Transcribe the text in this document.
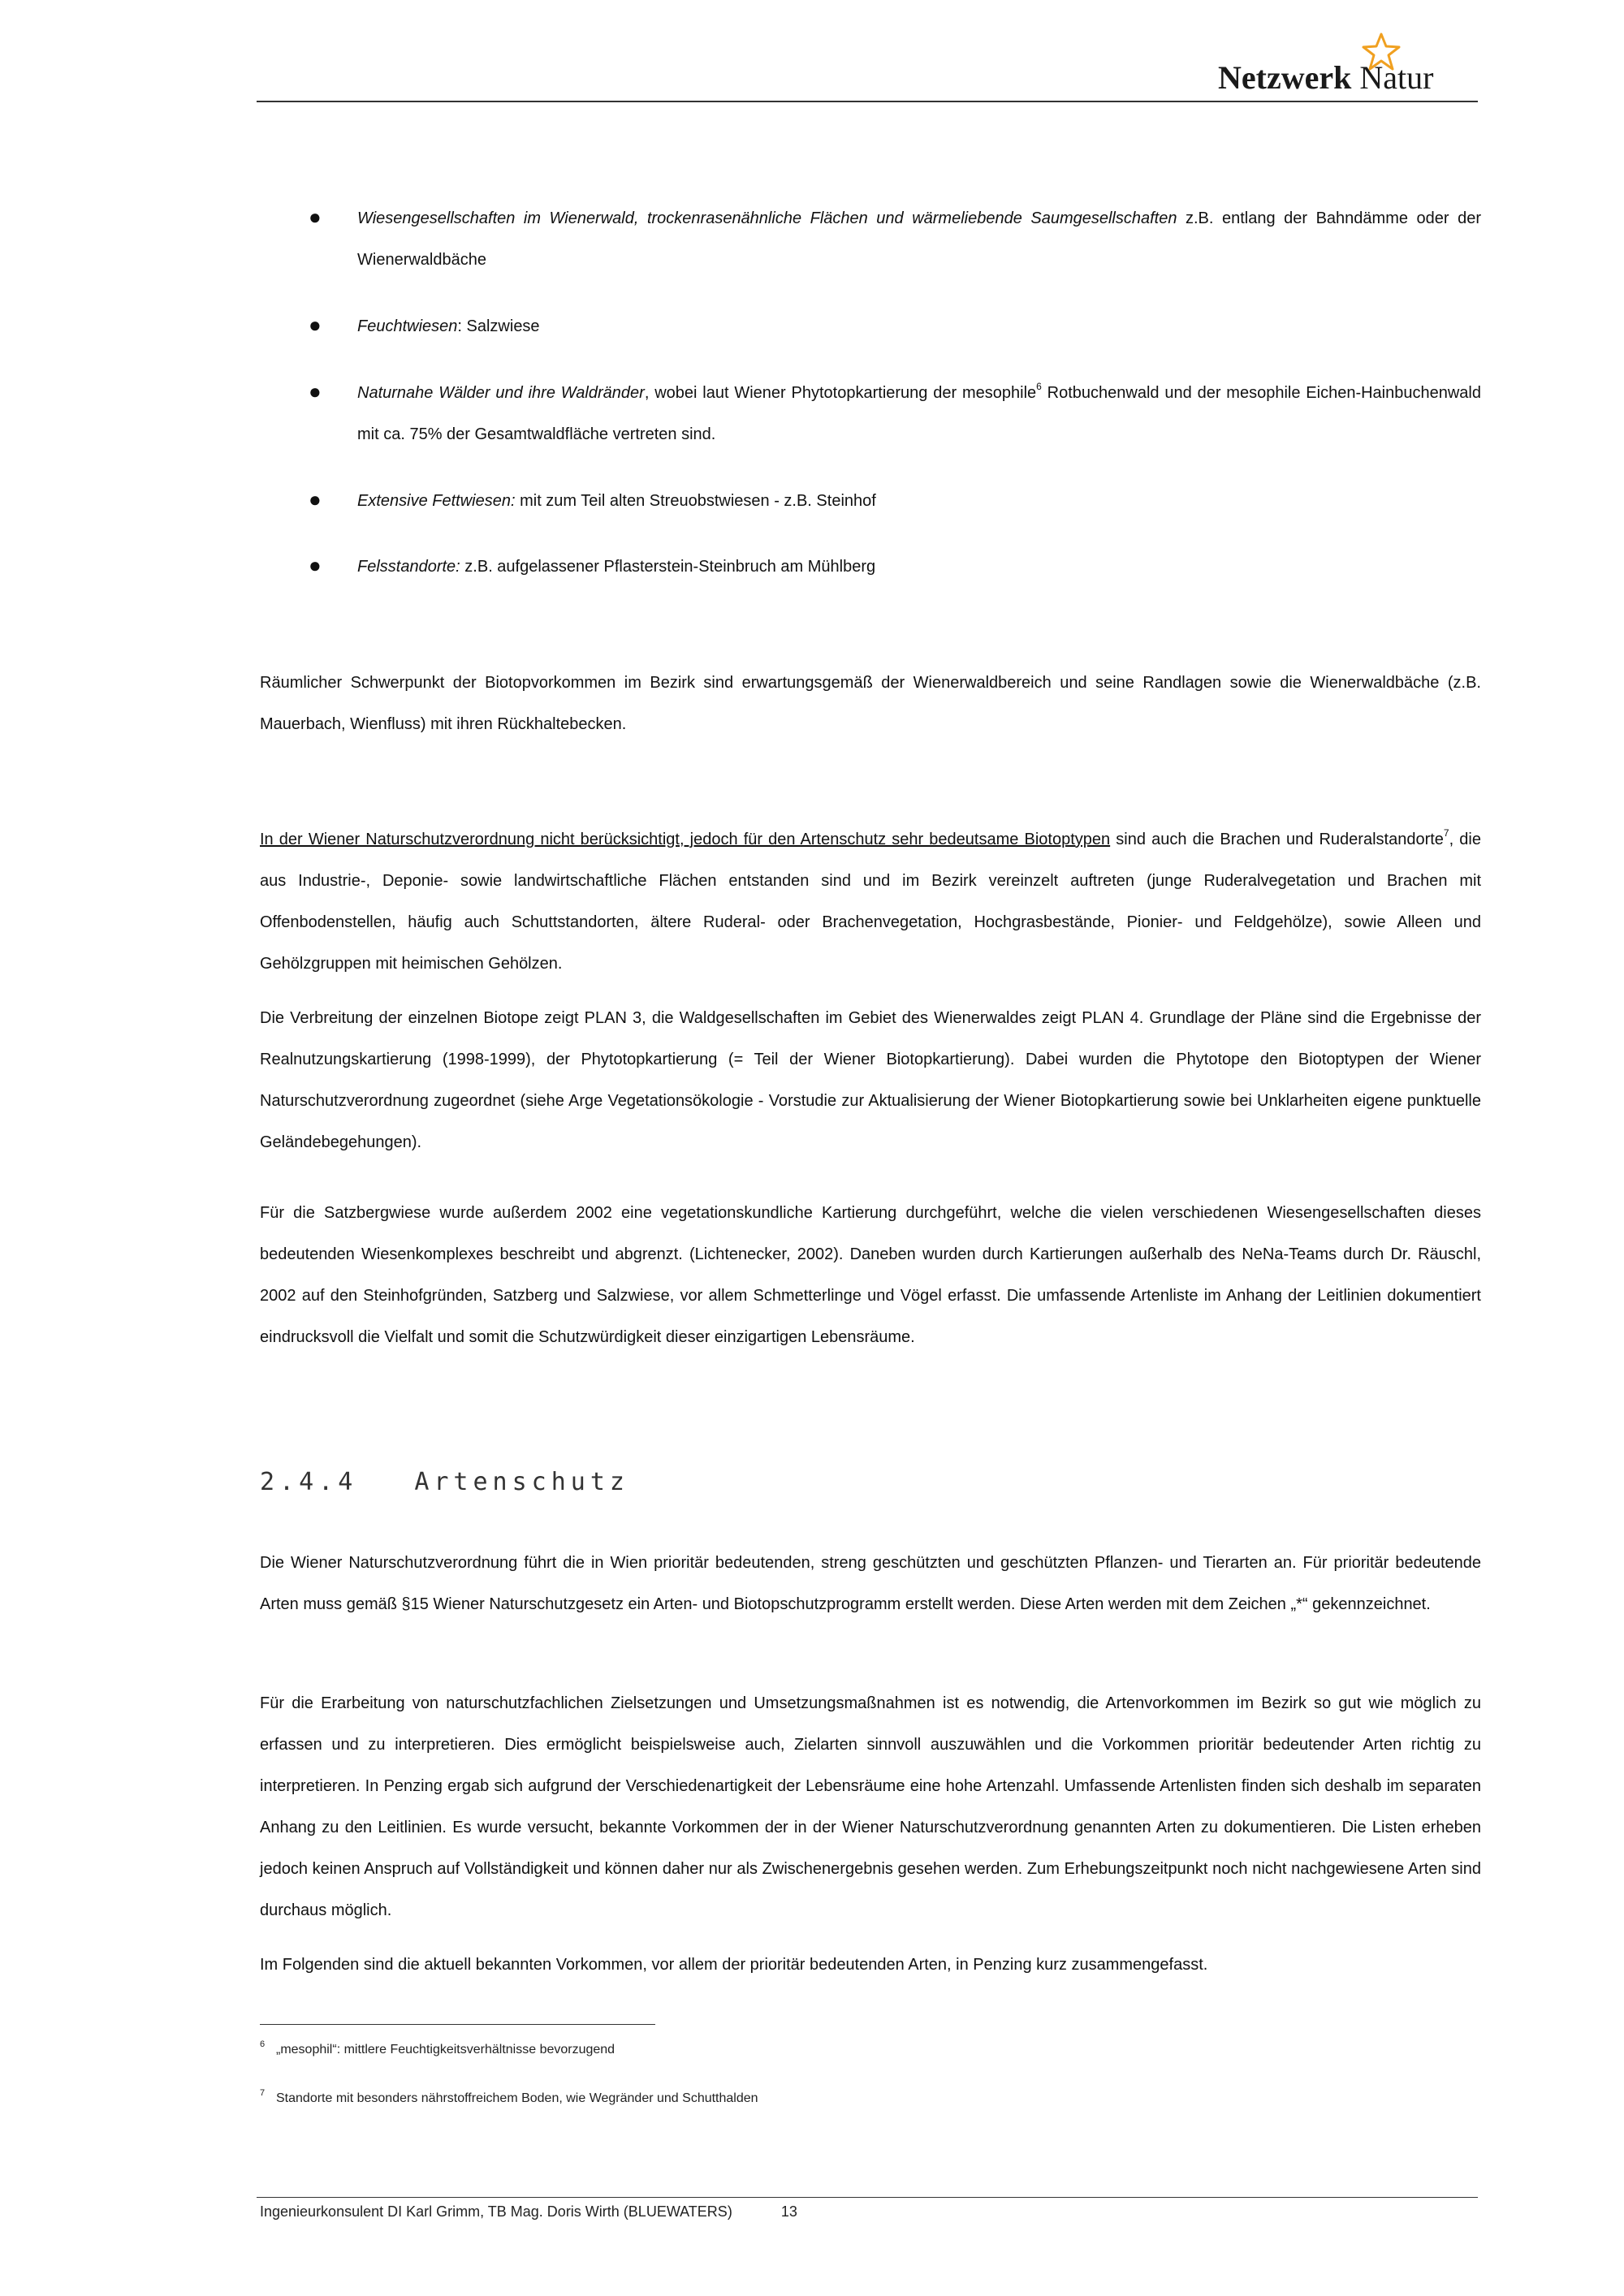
Netzwerk Natur
● Wiesengesellschaften im Wienerwald, trockenrasenähnliche Flächen und wärmeliebende Saumgesellschaften z.B. entlang der Bahndämme oder der Wienerwaldbäche
● Feuchtwiesen: Salzwiese
● Naturnahe Wälder und ihre Waldränder, wobei laut Wiener Phytotopkartierung der mesophile$^6$ Rotbuchenwald und der mesophile Eichen-Hainbuchenwald mit ca. 75% der Gesamtwaldfläche vertreten sind.
● Extensive Fettwiesen: mit zum Teil alten Streuobstwiesen - z.B. Steinhof
● Felsstandorte: z.B. aufgelassener Pflasterstein-Steinbruch am Mühlberg
Räumlicher Schwerpunkt der Biotopvorkommen im Bezirk sind erwartungsgemäß der Wienerwaldbereich und seine Randlagen sowie die Wienerwaldbäche (z.B. Mauerbach, Wienfluss) mit ihren Rückhaltebecken.
In der Wiener Naturschutzverordnung nicht berücksichtigt, jedoch für den Artenschutz sehr bedeutsame Biotoptypen sind auch die Brachen und Ruderalstandorte$^7$, die aus Industrie-, Deponie- sowie landwirtschaftliche Flächen entstanden sind und im Bezirk vereinzelt auftreten (junge Ruderalvegetation und Brachen mit Offenbodenstellen, häufig auch Schuttstandorten, ältere Ruderal- oder Brachenvegetation, Hochgrasbestände, Pionier- und Feldgehölze), sowie Alleen und Gehölzgruppen mit heimischen Gehölzen.
Die Verbreitung der einzelnen Biotope zeigt PLAN 3, die Waldgesellschaften im Gebiet des Wienerwaldes zeigt PLAN 4. Grundlage der Pläne sind die Ergebnisse der Realnutzungskartierung (1998-1999), der Phytotopkartierung (= Teil der Wiener Biotopkartierung). Dabei wurden die Phytotope den Biotoptypen der Wiener Naturschutzverordnung zugeordnet (siehe Arge Vegetationsökologie - Vorstudie zur Aktualisierung der Wiener Biotopkartierung sowie bei Unklarheiten eigene punktuelle Geländebegehungen).
Für die Satzbergwiese wurde außerdem 2002 eine vegetationskundliche Kartierung durchgeführt, welche die vielen verschiedenen Wiesengesellschaften dieses bedeutenden Wiesenkomplexes beschreibt und abgrenzt. (Lichtenecker, 2002). Daneben wurden durch Kartierungen außerhalb des NeNa-Teams durch Dr. Räuschl, 2002 auf den Steinhofgründen, Satzberg und Salzwiese, vor allem Schmetterlinge und Vögel erfasst. Die umfassende Artenliste im Anhang der Leitlinien dokumentiert eindrucksvoll die Vielfalt und somit die Schutzwürdigkeit dieser einzigartigen Lebensräume.
2.4.4 Artenschutz
Die Wiener Naturschutzverordnung führt die in Wien prioritär bedeutenden, streng geschützten und geschützten Pflanzen- und Tierarten an. Für prioritär bedeutende Arten muss gemäß §15 Wiener Naturschutzgesetz ein Arten- und Biotopschutzprogramm erstellt werden. Diese Arten werden mit dem Zeichen „*“ gekennzeichnet.
Für die Erarbeitung von naturschutzfachlichen Zielsetzungen und Umsetzungsmaßnahmen ist es notwendig, die Artenvorkommen im Bezirk so gut wie möglich zu erfassen und zu interpretieren. Dies ermöglicht beispielsweise auch, Zielarten sinnvoll auszuwählen und die Vorkommen prioritär bedeutender Arten richtig zu interpretieren. In Penzing ergab sich aufgrund der Verschiedenartigkeit der Lebensräume eine hohe Artenzahl. Umfassende Artenlisten finden sich deshalb im separaten Anhang zu den Leitlinien. Es wurde versucht, bekannte Vorkommen der in der Wiener Naturschutzverordnung genannten Arten zu dokumentieren. Die Listen erheben jedoch keinen Anspruch auf Vollständigkeit und können daher nur als Zwischenergebnis gesehen werden. Zum Erhebungszeitpunkt noch nicht nachgewiesene Arten sind durchaus möglich.
Im Folgenden sind die aktuell bekannten Vorkommen, vor allem der prioritär bedeutenden Arten, in Penzing kurz zusammengefasst.
6 „mesophil“: mittlere Feuchtigkeitsverhältnisse bevorzugend
7 Standorte mit besonders nährstoffreichem Boden, wie Wegränder und Schutthalden
Ingenieurkonsulent DI Karl Grimm, TB Mag. Doris Wirth (BLUEWATERS)	13
